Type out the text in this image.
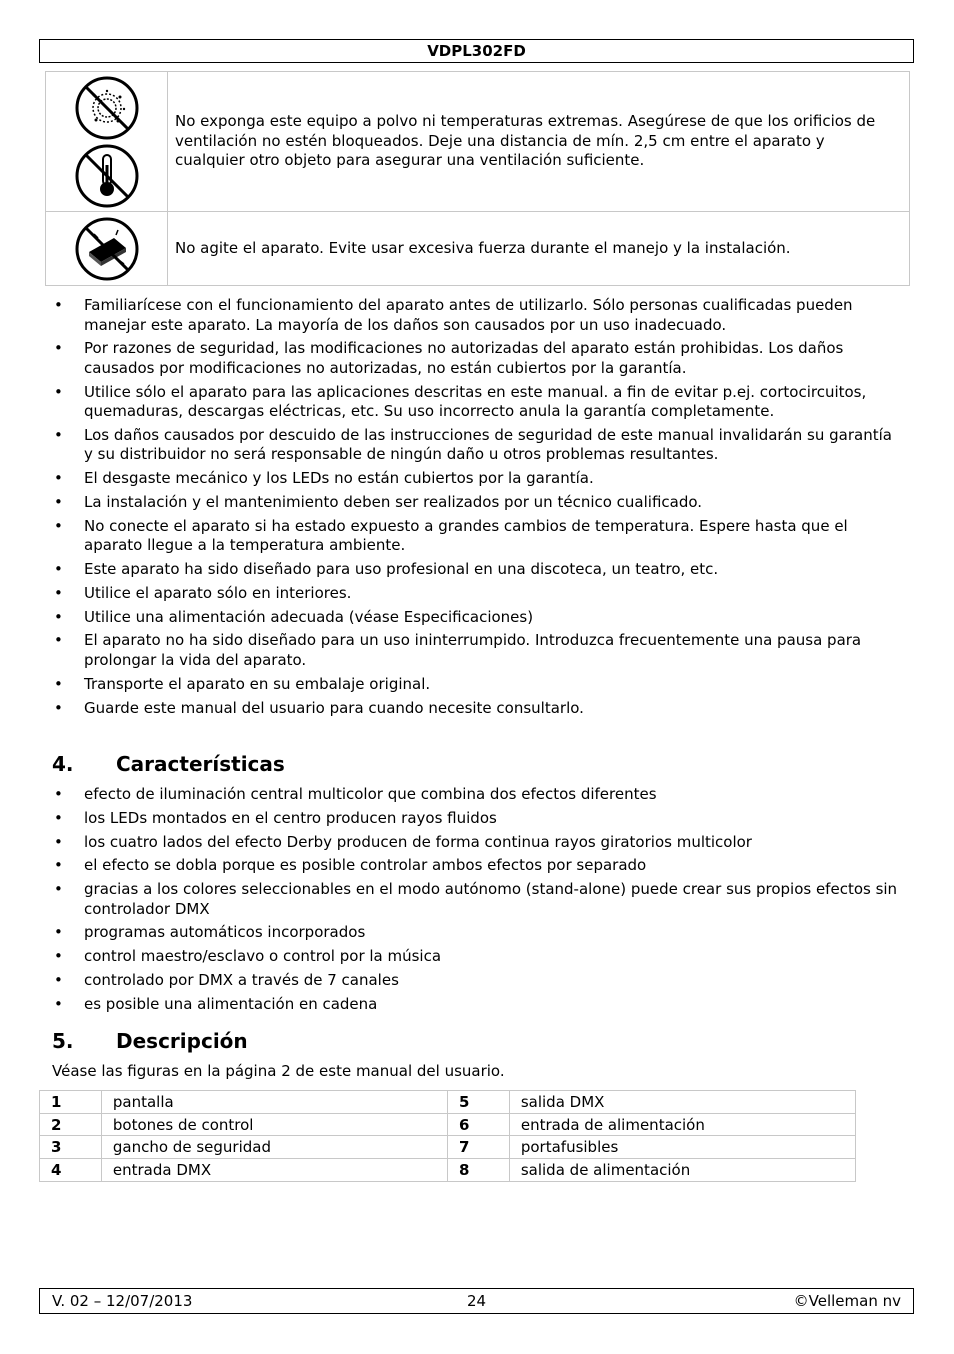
VDPL302FD
	No exponga este equipo a polvo ni temperaturas extremas. Asegúrese de que los orificios de ventilación no estén bloqueados. Deje una distancia de mín. 2,5 cm entre el aparato y cualquier otro objeto para asegurar una ventilación suficiente.

	No agite el aparato. Evite usar excesiva fuerza durante el manejo y la instalación.
• Familiarícese con el funcionamiento del aparato antes de utilizarlo. Sólo personas cualificadas pueden manejar este aparato. La mayoría de los daños son causados por un uso inadecuado.
• Por razones de seguridad, las modificaciones no autorizadas del aparato están prohibidas. Los daños causados por modificaciones no autorizadas, no están cubiertos por la garantía.
• Utilice sólo el aparato para las aplicaciones descritas en este manual. a fin de evitar p.ej. cortocircuitos, quemaduras, descargas eléctricas, etc. Su uso incorrecto anula la garantía completamente.
• Los daños causados por descuido de las instrucciones de seguridad de este manual invalidarán su garantía y su distribuidor no será responsable de ningún daño u otros problemas resultantes.
• El desgaste mecánico y los LEDs no están cubiertos por la garantía.
• La instalación y el mantenimiento deben ser realizados por un técnico cualificado.
• No conecte el aparato si ha estado expuesto a grandes cambios de temperatura. Espere hasta que el aparato llegue a la temperatura ambiente.
• Este aparato ha sido diseñado para uso profesional en una discoteca, un teatro, etc.
• Utilice el aparato sólo en interiores.
• Utilice una alimentación adecuada (véase Especificaciones)
• El aparato no ha sido diseñado para un uso ininterrumpido. Introduzca frecuentemente una pausa para prolongar la vida del aparato.
• Transporte el aparato en su embalaje original.
• Guarde este manual del usuario para cuando necesite consultarlo.
4. Características
• efecto de iluminación central multicolor que combina dos efectos diferentes
• los LEDs montados en el centro producen rayos fluidos
• los cuatro lados del efecto Derby producen de forma continua rayos giratorios multicolor
• el efecto se dobla porque es posible controlar ambos efectos por separado
• gracias a los colores seleccionables en el modo autónomo (stand-alone) puede crear sus propios efectos sin controlador DMX
• programas automáticos incorporados
• control maestro/esclavo o control por la música
• controlado por DMX a través de 7 canales
• es posible una alimentación en cadena
5. Descripción
Véase las figuras en la página 2 de este manual del usuario.
1	pantalla	5	salida DMX
2	botones de control	6	entrada de alimentación
3	gancho de seguridad	7	portafusibles
4	entrada DMX	8	salida de alimentación
V. 02 – 12/07/2013	24	©Velleman nv
